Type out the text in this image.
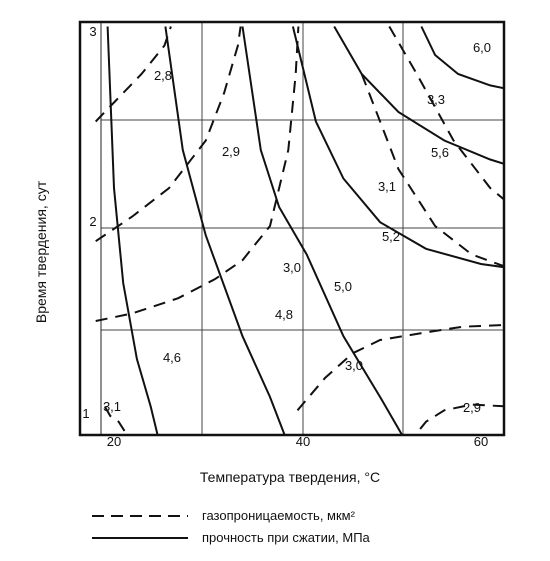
3,1
2,8
2,9
3,0
3,3
3,1
3,0
2,9
4,6
4,8
5,0
5,2
5,6
6,0
20	40	60
1
2
3
Температура твердения, °С
Время твердения, сут
газопроницаемость, мкм²
прочность при сжатии, МПа
